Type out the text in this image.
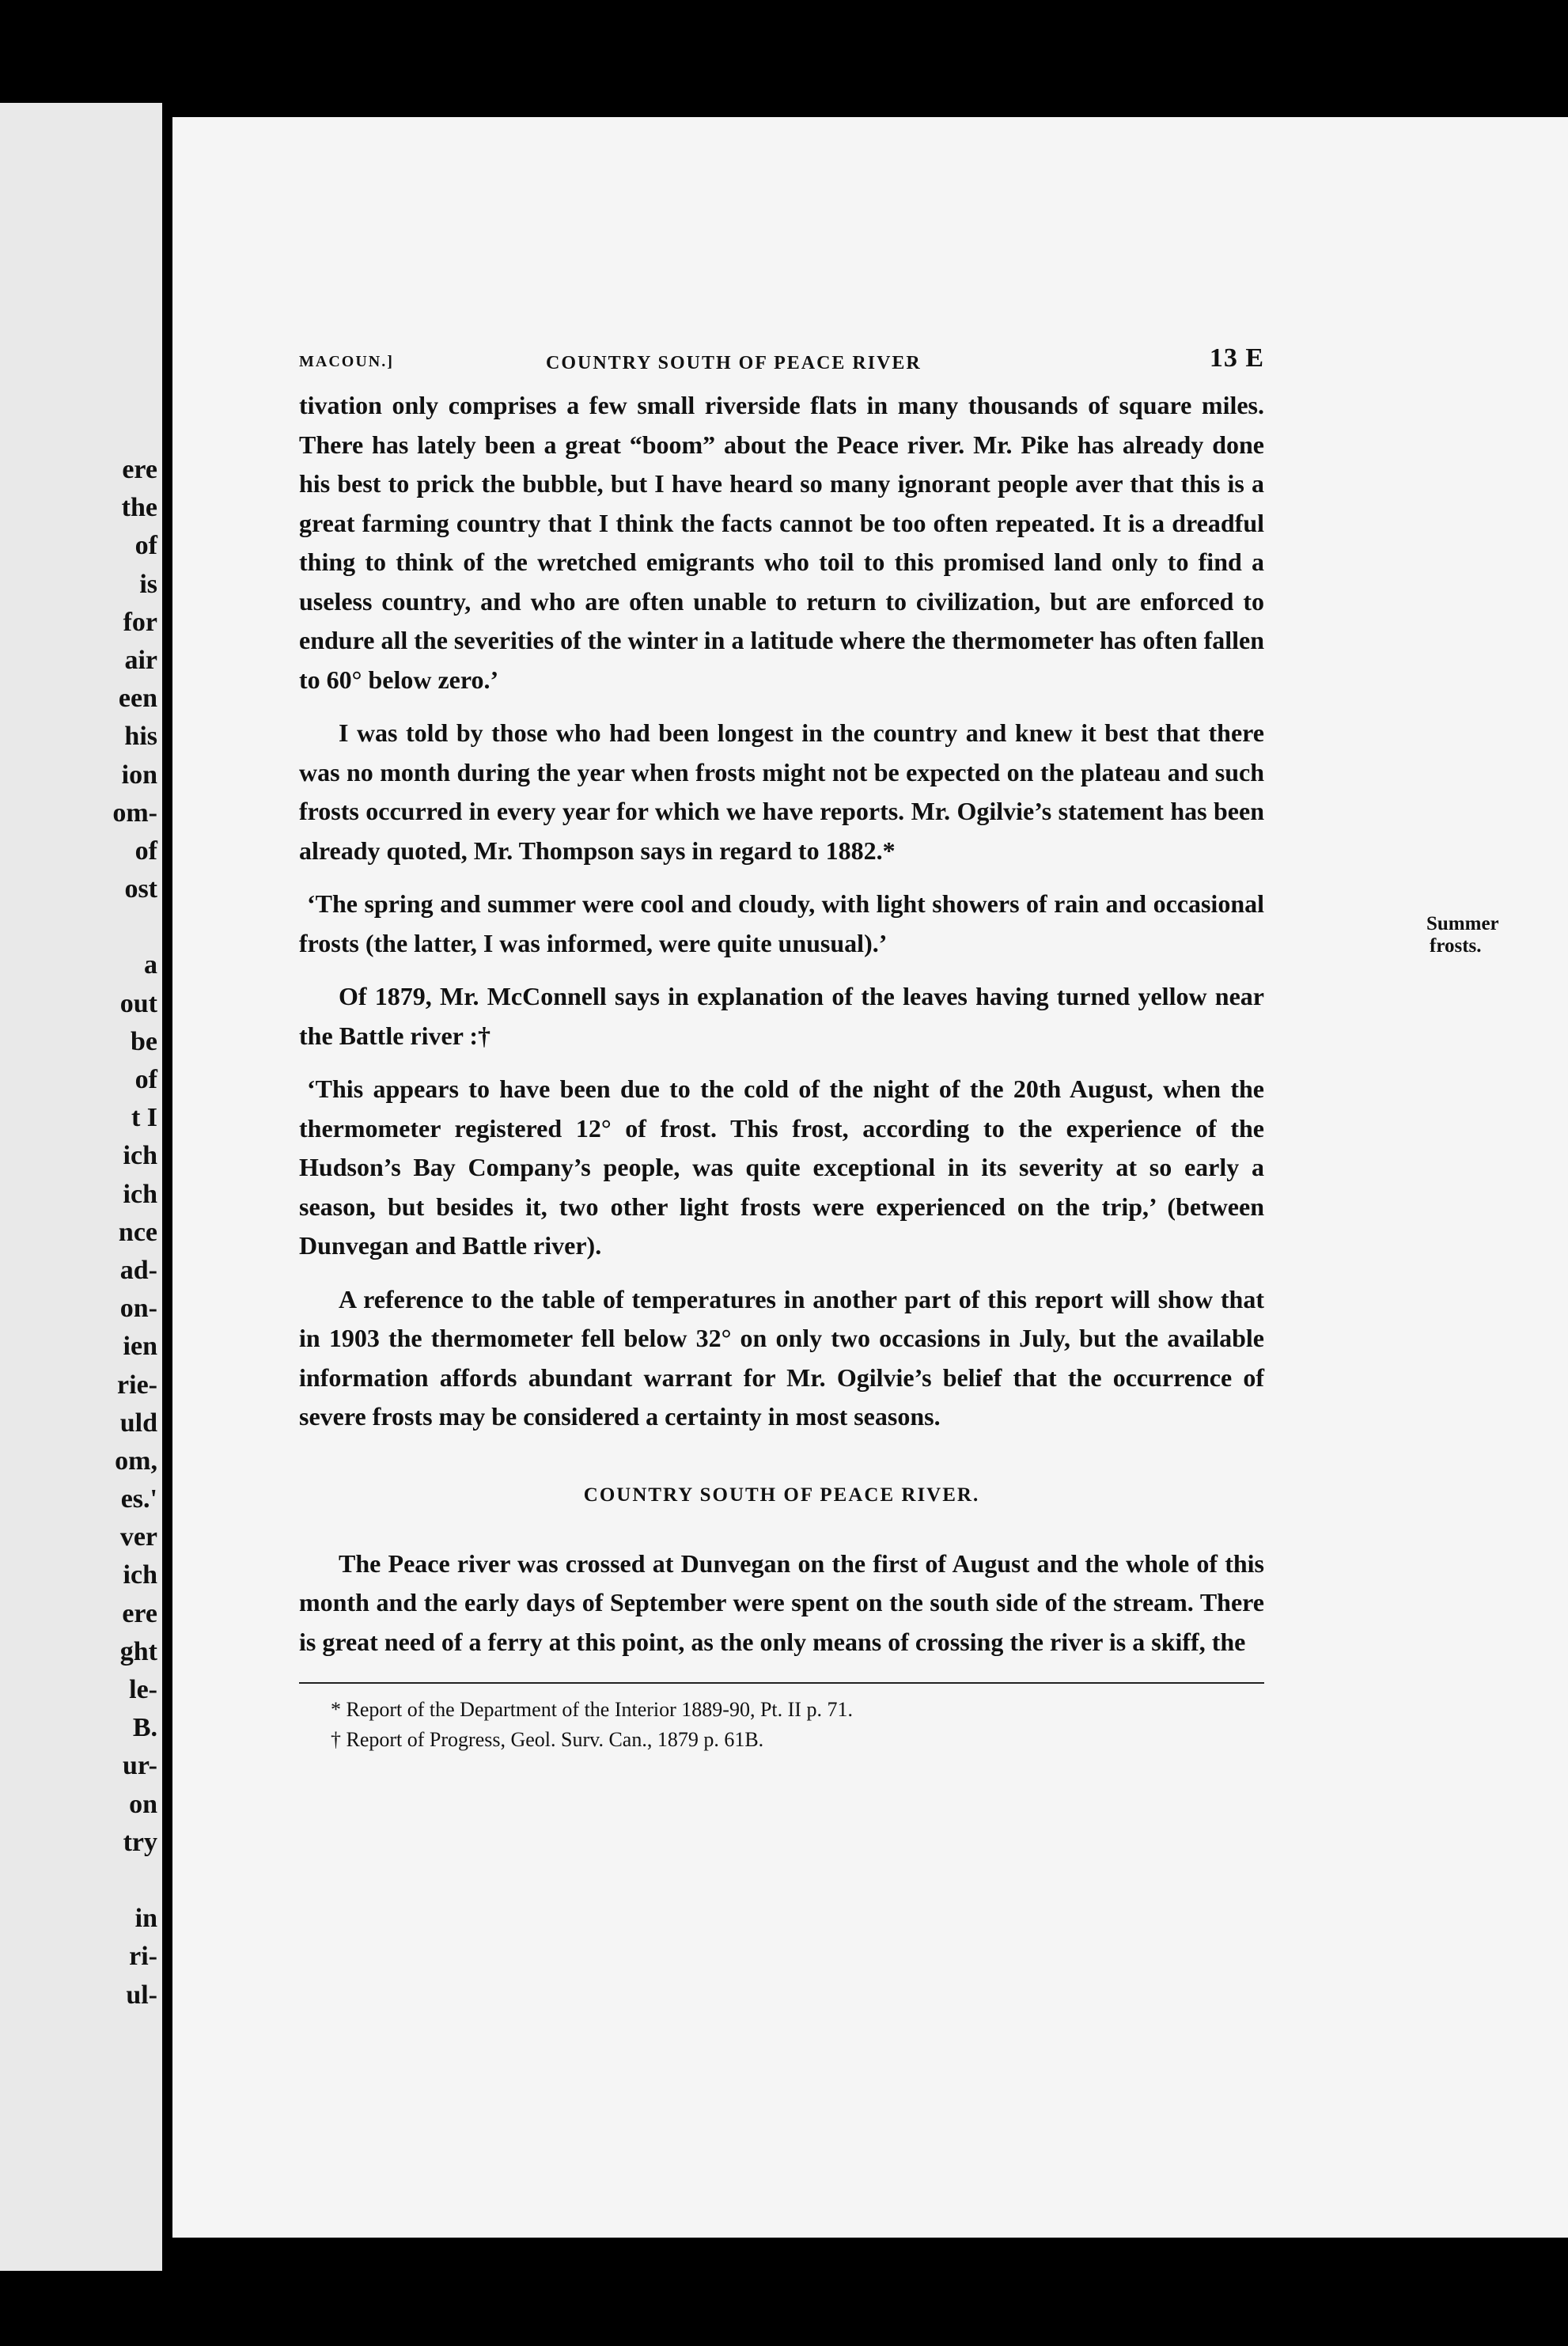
ere
the
of
is
for
air
een
his
ion
om-
of
ost
a
out
be
of
t I
ich
ich
nce
ad-
on-
ien
rie-
uld
om,
es.'
ver
ich
ere
ght
le-
B.
ur-
on
try
in
ri-
ul-
MACOUN.]	COUNTRY SOUTH OF PEACE RIVER	13 E

tivation only comprises a few small riverside flats in many thousands of square miles. There has lately been a great “boom” about the Peace river. Mr. Pike has already done his best to prick the bubble, but I have heard so many ignorant people aver that this is a great farming country that I think the facts cannot be too often repeated. It is a dreadful thing to think of the wretched emigrants who toil to this promised land only to find a useless country, and who are often unable to return to civilization, but are enforced to endure all the severities of the winter in a latitude where the thermometer has often fallen to 60° below zero.’

I was told by those who had been longest in the country and knew it best that there was no month during the year when frosts might not be expected on the plateau and such frosts occurred in every year for which we have reports. Mr. Ogilvie’s statement has been already quoted, Mr. Thompson says in regard to 1882.*

‘The spring and summer were cool and cloudy, with light showers of rain and occasional frosts (the latter, I was informed, were quite unusual).’

Of 1879, Mr. McConnell says in explanation of the leaves having turned yellow near the Battle river :†

‘This appears to have been due to the cold of the night of the 20th August, when the thermometer registered 12° of frost. This frost, according to the experience of the Hudson’s Bay Company’s people, was quite exceptional in its severity at so early a season, but besides it, two other light frosts were experienced on the trip,’ (between Dunvegan and Battle river).

A reference to the table of temperatures in another part of this report will show that in 1903 the thermometer fell below 32° on only two occasions in July, but the available information affords abundant warrant for Mr. Ogilvie’s belief that the occurrence of severe frosts may be considered a certainty in most seasons.

COUNTRY SOUTH OF PEACE RIVER.

The Peace river was crossed at Dunvegan on the first of August and the whole of this month and the early days of September were spent on the south side of the stream. There is great need of a ferry at this point, as the only means of crossing the river is a skiff, the

* Report of the Department of the Interior 1889-90, Pt. II p. 71.
† Report of Progress, Geol. Surv. Can., 1879 p. 61B.
Summer
frosts.
